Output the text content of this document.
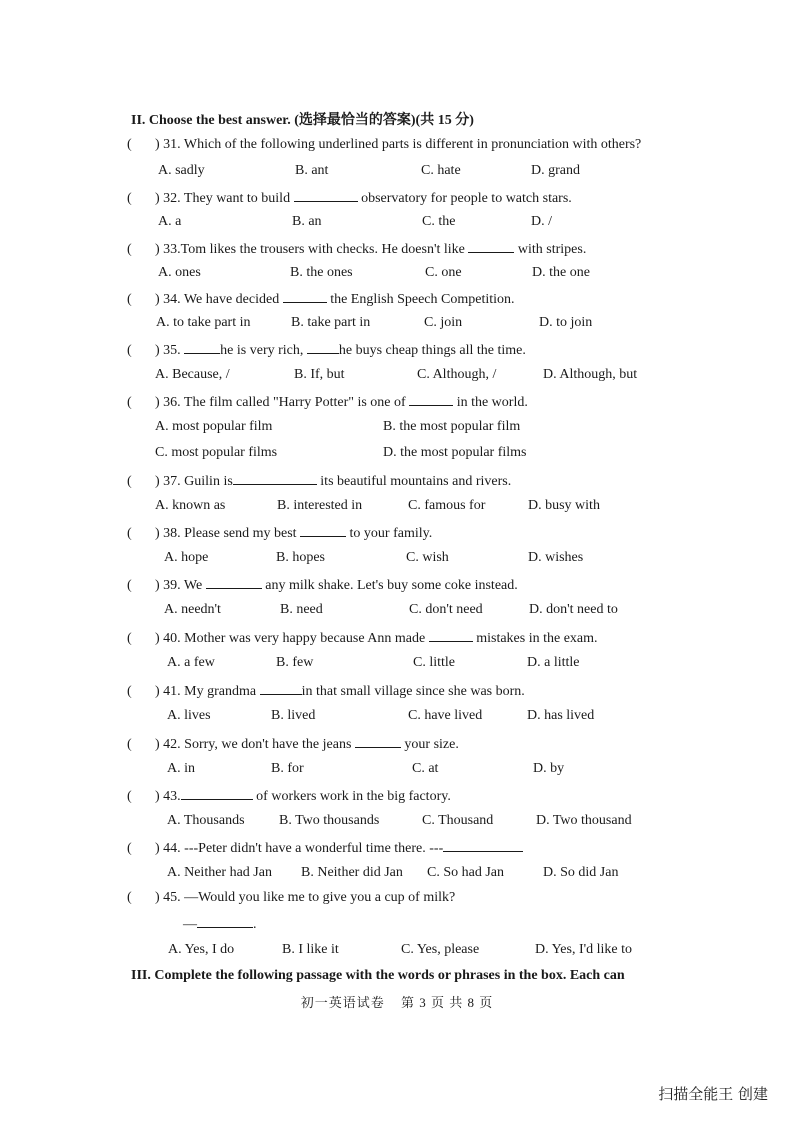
II. Choose the best answer. (选择最恰当的答案)(共 15 分)
( ) 31. Which of the following underlined parts is different in pronunciation with others?
A. sadly	B. ant	C. hate	D. grand
( ) 32. They want to build	observatory for people to watch stars.
A. a	B. an	C. the	D. /
( ) 33.Tom likes the trousers with checks. He doesn't like	with stripes.
A. ones	B. the ones	C. one	D. the one
( ) 34. We have decided	the English Speech Competition.
A. to take part in	B. take part in	C. join	D. to join
( ) 35.	he is very rich, he buys cheap things all the time.
A. Because, /	B. If, but	C. Although, /	D. Although, but
( ) 36. The film called "Harry Potter" is one of	in the world.
A. most popular film	B. the most popular film
C. most popular films	D. the most popular films
( ) 37. Guilin is	its beautiful mountains and rivers.
A. known as	B. interested in	C. famous for	D. busy with
( ) 38. Please send my best	to your family.
A. hope	B. hopes	C. wish	D. wishes
( ) 39. We	any milk shake. Let's buy some coke instead.
A. needn't	B. need	C. don't need	D. don't need to
( ) 40. Mother was very happy because Ann made	mistakes in the exam.
A. a few	B. few	C. little	D. a little
( ) 41. My grandma	in that small village since she was born.
A. lives	B. lived	C. have lived	D. has lived
( ) 42. Sorry, we don't have the jeans	your size.
A. in	B. for	C. at	D. by
( ) 43.	of workers work in the big factory.
A. Thousands B. Two thousands	C. Thousand	D. Two thousand
( ) 44. ---Peter didn't have a wonderful time there. ---
A. Neither had Jan B. Neither did Jan C. So had Jan	D. So did Jan
( ) 45. —Would you like me to give you a cup of milk?
—	.
A. Yes, I do	B. I like it	C. Yes, please	D. Yes, I'd like to
III. Complete the following passage with the words or phrases in the box. Each can
初一英语试卷 第 3 页 共 8 页
扫描全能王 创建
